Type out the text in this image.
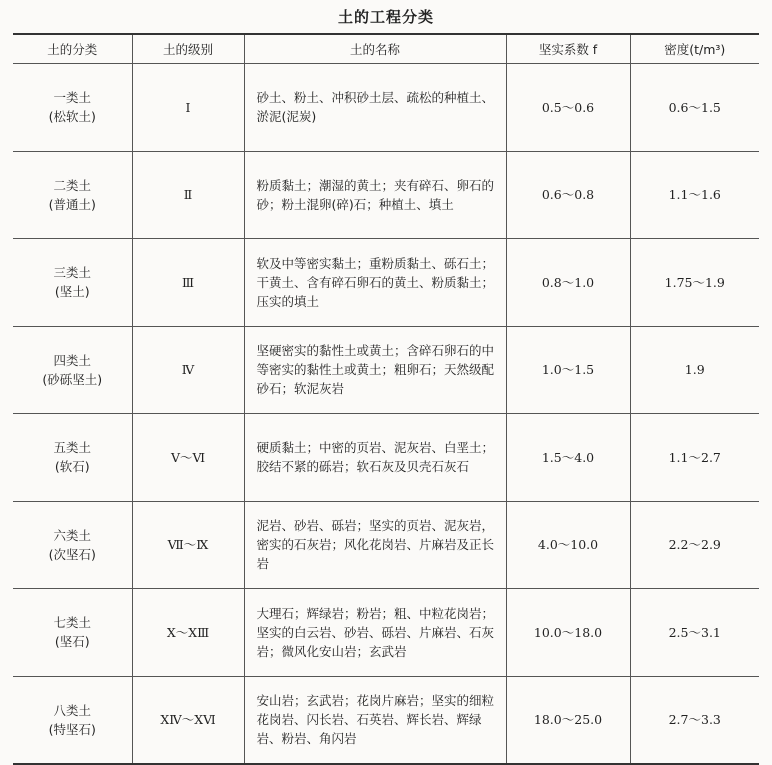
土的工程分类
土的分类	土的级别	土的名称	坚实系数 f	密度(t/m³)

一类土
(松软土)	Ⅰ	砂土、粉土、冲积砂土层、疏松的种植土、淤泥(泥炭)	0.5～0.6	0.6～1.5

二类土
(普通土)	Ⅱ	粉质黏土；潮湿的黄土；夹有碎石、卵石的砂；粉土混卵(碎)石；种植土、填土	0.6～0.8	1.1～1.6

三类土
(坚土)	Ⅲ	软及中等密实黏土；重粉质黏土、砾石土；干黄土、含有碎石卵石的黄土、粉质黏土；压实的填土	0.8～1.0	1.75～1.9

四类土
(砂砾坚土)	Ⅳ	坚硬密实的黏性土或黄土；含碎石卵石的中等密实的黏性土或黄土；粗卵石；天然级配砂石；软泥灰岩	1.0～1.5	1.9

五类土
(软石)	Ⅴ～Ⅵ	硬质黏土；中密的页岩、泥灰岩、白垩土；胶结不紧的砾岩；软石灰及贝壳石灰石	1.5～4.0	1.1～2.7

六类土
(次坚石)	Ⅶ～Ⅸ	泥岩、砂岩、砾岩；坚实的页岩、泥灰岩，密实的石灰岩；风化花岗岩、片麻岩及正长岩	4.0～10.0	2.2～2.9

七类土
(坚石)	Ⅹ～ⅩⅢ	大理石；辉绿岩；粉岩；粗、中粒花岗岩；坚实的白云岩、砂岩、砾岩、片麻岩、石灰岩；微风化安山岩；玄武岩	10.0～18.0	2.5～3.1

八类土
(特坚石)	ⅩⅣ～ⅩⅥ	安山岩；玄武岩；花岗片麻岩；坚实的细粒花岗岩、闪长岩、石英岩、辉长岩、辉绿岩、粉岩、角闪岩	18.0～25.0	2.7～3.3
